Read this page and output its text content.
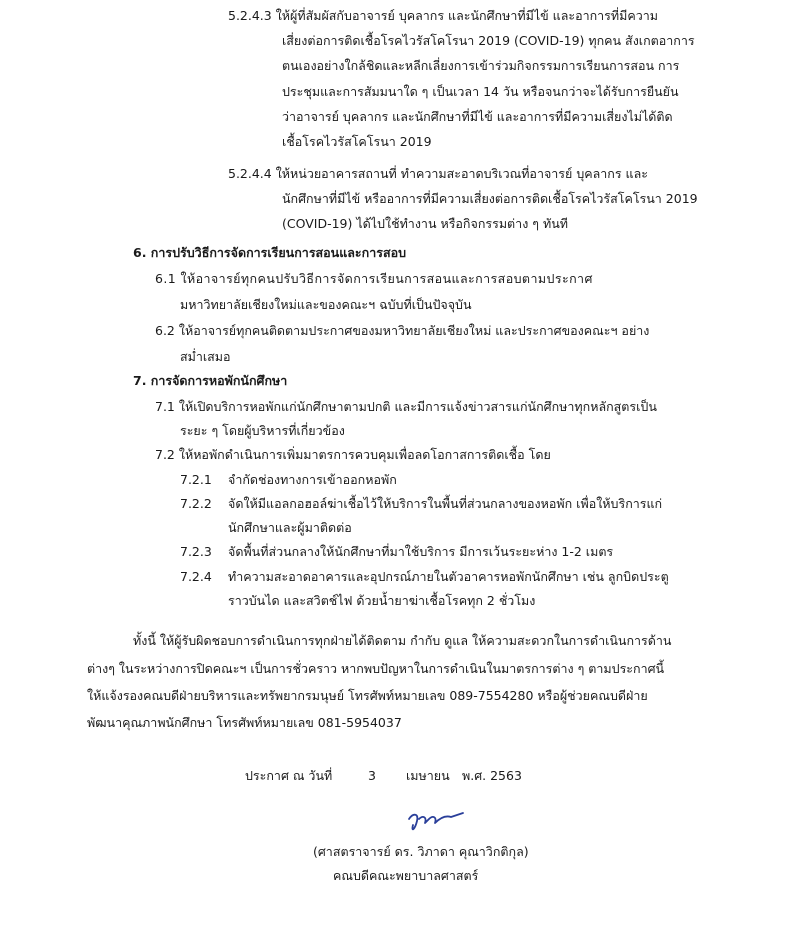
5.2.4.3 ให้ผู้ที่สัมผัสกับอาจารย์ บุคลากร และนักศึกษาที่มีไข้ และอาการที่มีความ
เสี่ยงต่อการติดเชื้อโรคไวรัสโคโรนา 2019 (COVID-19) ทุกคน สังเกตอาการ
ตนเองอย่างใกล้ชิดและหลีกเลี่ยงการเข้าร่วมกิจกรรมการเรียนการสอน การ
ประชุมและการสัมมนาใด ๆ เป็นเวลา 14 วัน หรือจนกว่าจะได้รับการยืนยัน
ว่าอาจารย์ บุคลากร และนักศึกษาที่มีไข้ และอาการที่มีความเสี่ยงไม่ได้ติด
เชื้อโรคไวรัสโคโรนา 2019
5.2.4.4 ให้หน่วยอาคารสถานที่ ทำความสะอาดบริเวณที่อาจารย์ บุคลากร และ
นักศึกษาที่มีไข้ หรืออาการที่มีความเสี่ยงต่อการติดเชื้อโรคไวรัสโคโรนา 2019
(COVID-19) ได้ไปใช้ทำงาน หรือกิจกรรมต่าง ๆ ทันที
6. การปรับวิธีการจัดการเรียนการสอนและการสอบ
6.1 ให้อาจารย์ทุกคนปรับวิธีการจัดการเรียนการสอนและการสอบตามประกาศ
มหาวิทยาลัยเชียงใหม่และของคณะฯ ฉบับที่เป็นปัจจุบัน
6.2 ให้อาจารย์ทุกคนติดตามประกาศของมหาวิทยาลัยเชียงใหม่ และประกาศของคณะฯ อย่าง
สม่ำเสมอ
7. การจัดการหอพักนักศึกษา
7.1 ให้เปิดบริการหอพักแก่นักศึกษาตามปกติ และมีการแจ้งข่าวสารแก่นักศึกษาทุกหลักสูตรเป็น
ระยะ ๆ โดยผู้บริหารที่เกี่ยวข้อง
7.2 ให้หอพักดำเนินการเพิ่มมาตรการควบคุมเพื่อลดโอกาสการติดเชื้อ โดย
7.2.1 จำกัดช่องทางการเข้าออกหอพัก
7.2.2 จัดให้มีแอลกอฮอล์ฆ่าเชื้อไว้ให้บริการในพื้นที่ส่วนกลางของหอพัก เพื่อให้บริการแก่
นักศึกษาและผู้มาติดต่อ
7.2.3 จัดพื้นที่ส่วนกลางให้นักศึกษาที่มาใช้บริการ มีการเว้นระยะห่าง 1-2 เมตร
7.2.4 ทำความสะอาดอาคารและอุปกรณ์ภายในตัวอาคารหอพักนักศึกษา เช่น ลูกบิดประตู
ราวบันได และสวิตช์ไฟ ด้วยน้ำยาฆ่าเชื้อโรคทุก 2 ชั่วโมง
ทั้งนี้ ให้ผู้รับผิดชอบการดำเนินการทุกฝ่ายได้ติดตาม กำกับ ดูแล ให้ความสะดวกในการดำเนินการด้าน
ต่างๆ ในระหว่างการปิดคณะฯ เป็นการชั่วคราว หากพบปัญหาในการดำเนินในมาตรการต่าง ๆ ตามประกาศนี้
ให้แจ้งรองคณบดีฝ่ายบริหารและทรัพยากรมนุษย์ โทรศัพท์หมายเลข 089-7554280 หรือผู้ช่วยคณบดีฝ่าย
พัฒนาคุณภาพนักศึกษา โทรศัพท์หมายเลข 081-5954037
ประกาศ ณ วันที่	3 เมษายน พ.ศ. 2563
(ศาสตราจารย์ ดร. วิภาดา คุณาวิกติกุล)
คณบดีคณะพยาบาลศาสตร์
